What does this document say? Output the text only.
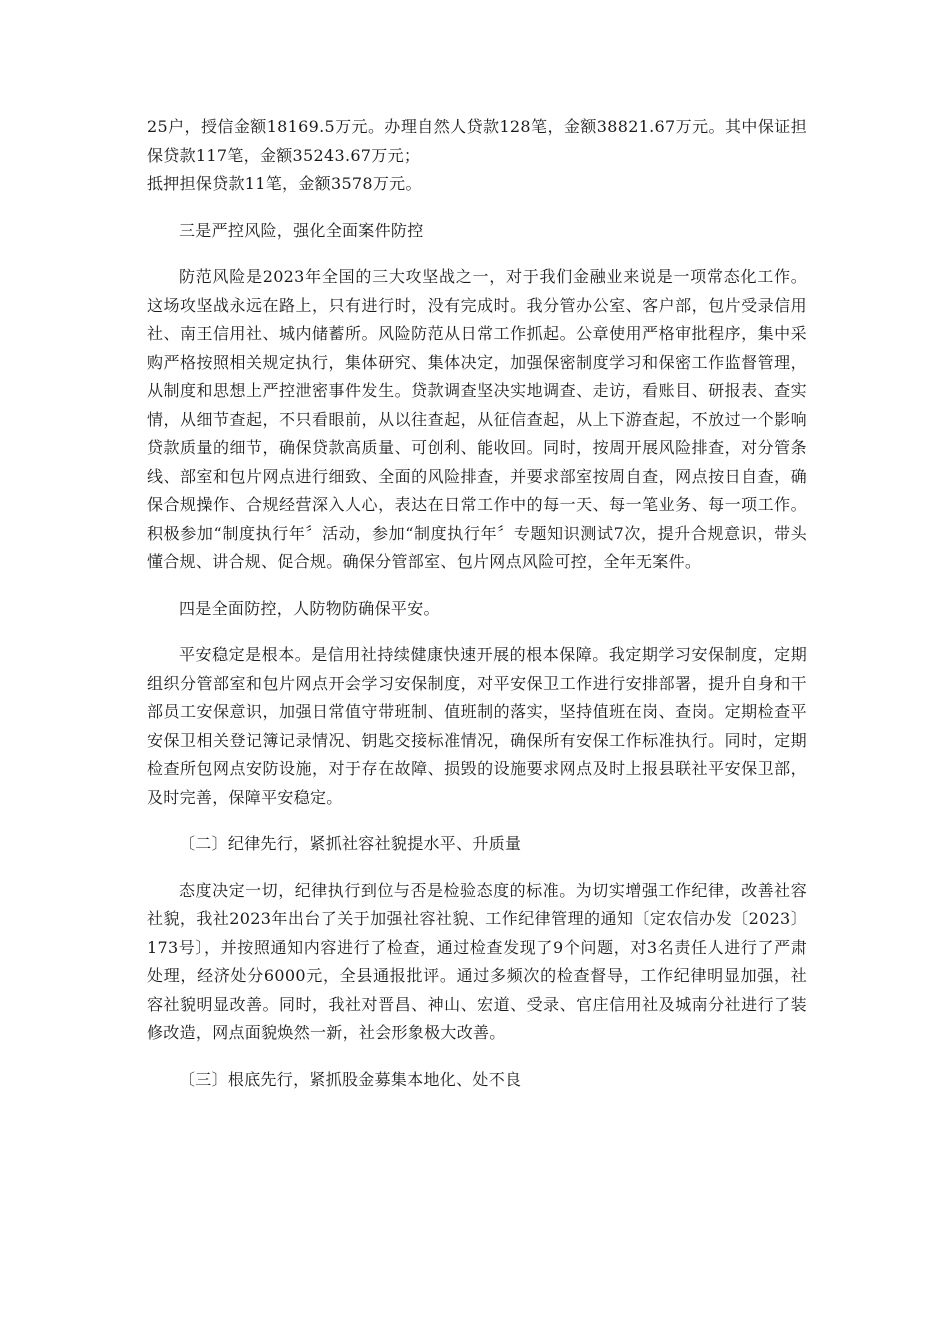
25户，授信金额18169.5万元。办理自然人贷款128笔，金额38821.67万元。其中保证担保贷款117笔，金额35243.67万元；

抵押担保贷款11笔，金额3578万元。

三是严控风险，强化全面案件防控

防范风险是2023年全国的三大攻坚战之一，对于我们金融业来说是一项常态化工作。这场攻坚战永远在路上，只有进行时，没有完成时。我分管办公室、客户部，包片受录信用社、南王信用社、城内储蓄所。风险防范从日常工作抓起。公章使用严格审批程序，集中采购严格按照相关规定执行，集体研究、集体决定，加强保密制度学习和保密工作监督管理，从制度和思想上严控泄密事件发生。贷款调查坚决实地调查、走访，看账目、研报表、查实情，从细节查起，不只看眼前，从以往查起，从征信查起，从上下游查起，不放过一个影响贷款质量的细节，确保贷款高质量、可创利、能收回。同时，按周开展风险排查，对分管条线、部室和包片网点进行细致、全面的风险排查，并要求部室按周自查，网点按日自查，确保合规操作、合规经营深入人心，表达在日常工作中的每一天、每一笔业务、每一项工作。积极参加“制度执行年〞活动，参加“制度执行年〞专题知识测试7次，提升合规意识，带头懂合规、讲合规、促合规。确保分管部室、包片网点风险可控，全年无案件。

四是全面防控，人防物防确保平安。

平安稳定是根本。是信用社持续健康快速开展的根本保障。我定期学习安保制度，定期组织分管部室和包片网点开会学习安保制度，对平安保卫工作进行安排部署，提升自身和干部员工安保意识，加强日常值守带班制、值班制的落实，坚持值班在岗、查岗。定期检查平安保卫相关登记簿记录情况、钥匙交接标准情况，确保所有安保工作标准执行。同时，定期检查所包网点安防设施，对于存在故障、损毁的设施要求网点及时上报县联社平安保卫部，及时完善，保障平安稳定。

〔二〕纪律先行，紧抓社容社貌提水平、升质量

态度决定一切，纪律执行到位与否是检验态度的标准。为切实增强工作纪律，改善社容社貌，我社2023年出台了关于加强社容社貌、工作纪律管理的通知〔定农信办发〔2023〕173号〕，并按照通知内容进行了检查，通过检查发现了9个问题，对3名责任人进行了严肃处理，经济处分6000元，全县通报批评。通过多频次的检查督导，工作纪律明显加强，社容社貌明显改善。同时，我社对晋昌、神山、宏道、受录、官庄信用社及城南分社进行了装修改造，网点面貌焕然一新，社会形象极大改善。

〔三〕根底先行，紧抓股金募集本地化、处不良
